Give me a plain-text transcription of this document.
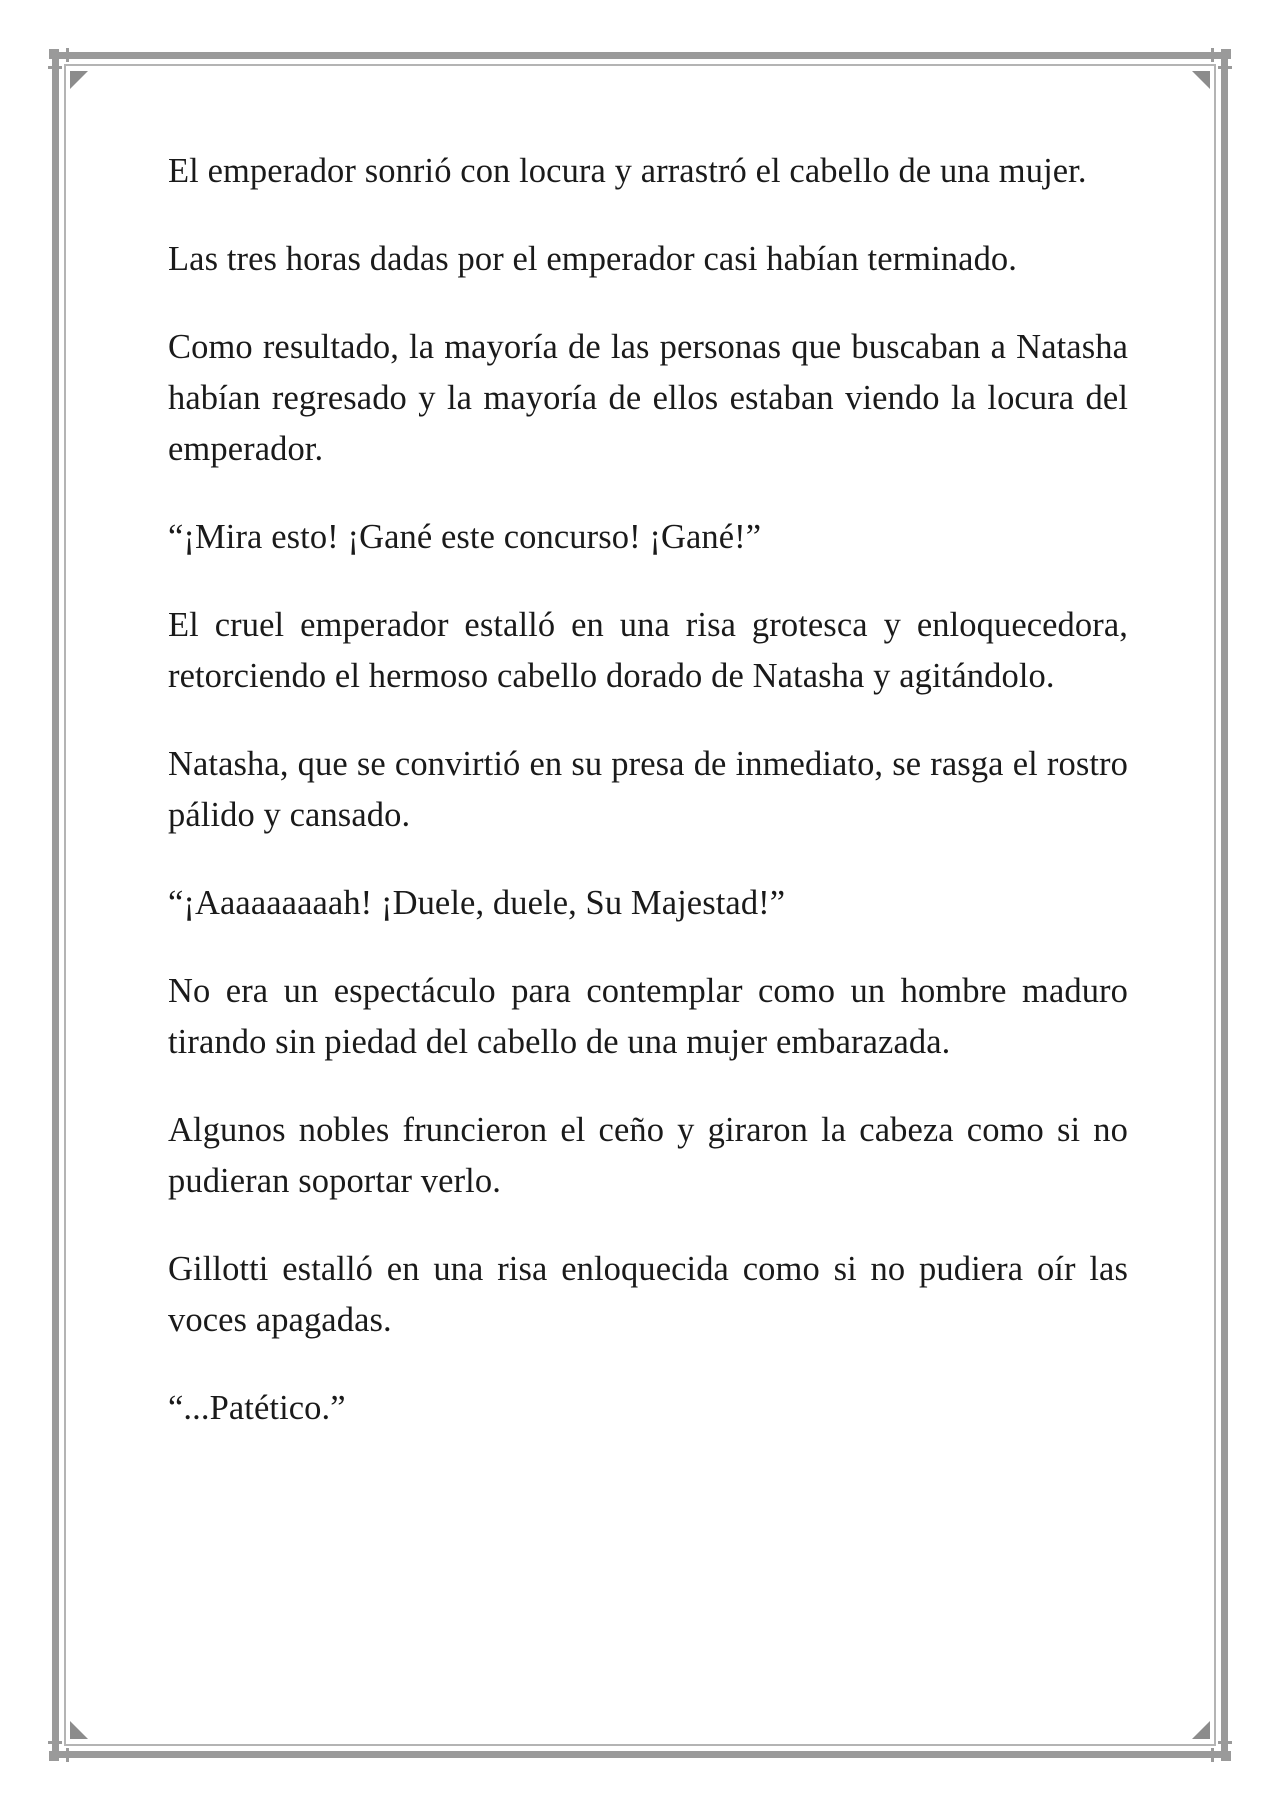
El emperador sonrió con locura y arrastró el cabello de una mujer.

Las tres horas dadas por el emperador casi habían terminado.

Como resultado, la mayoría de las personas que buscaban a Natasha habían regresado y la mayoría de ellos estaban viendo la locura del emperador.

“¡Mira esto! ¡Gané este concurso! ¡Gané!”

El cruel emperador estalló en una risa grotesca y enloquecedora, retorciendo el hermoso cabello dorado de Natasha y agitándolo.

Natasha, que se convirtió en su presa de inmediato, se rasga el rostro pálido y cansado.

“¡Aaaaaaaaah! ¡Duele, duele, Su Majestad!”

No era un espectáculo para contemplar como un hombre maduro tirando sin piedad del cabello de una mujer embarazada.

Algunos nobles fruncieron el ceño y giraron la cabeza como si no pudieran soportar verlo.

Gillotti estalló en una risa enloquecida como si no pudiera oír las voces apagadas.

“...Patético.”
